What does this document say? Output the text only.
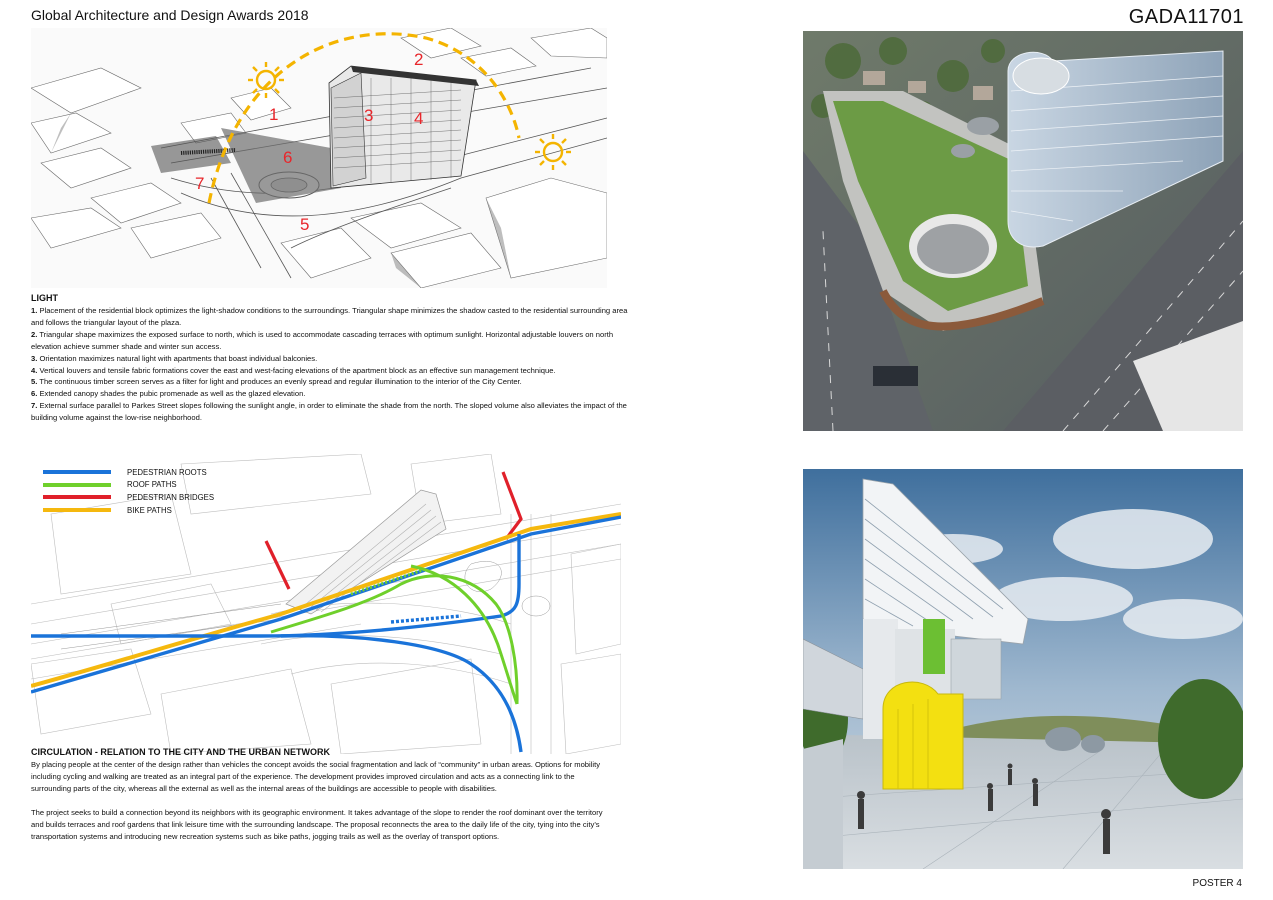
Global Architecture and Design Awards 2018	GADA11701
1
2
3 4
5
6
7
LIGHT
1. Placement of the residential block optimizes the light-shadow conditions to the surroundings. Triangular shape minimizes the shadow casted to the residential surrounding area and follows the triangular layout of the plaza.
2. Triangular shape maximizes the exposed surface to north, which is used to accommodate cascading terraces with optimum sunlight. Horizontal adjustable louvers on north elevation achieve summer shade and winter sun access.
3. Orientation maximizes natural light with apartments that boast individual balconies.
4. Vertical louvers and tensile fabric formations cover the east and west-facing elevations of the apartment block as an effective sun management technique.
5. The continuous timber screen serves as a filter for light and produces an evenly spread and regular illumination to the interior of the City Center.
6. Extended canopy shades the pubic promenade as well as the glazed elevation.
7. External surface parallel to Parkes Street slopes following the sunlight angle, in order to eliminate the shade from the north. The sloped volume also alleviates the impact of the building volume against the low-rise neighborhood.
PEDESTRIAN ROOTS
ROOF PATHS
PEDESTRIAN BRIDGES
BIKE PATHS
CIRCULATION - RELATION TO THE CITY AND THE URBAN NETWORK
By placing people at the center of the design rather than vehicles the concept avoids the social fragmentation and lack of “community” in urban areas. Options for mobility including cycling and walking are treated as an integral part of the experience. The development provides improved circulation and acts as a connecting link to the surrounding parts of the city, whereas all the external as well as the internal areas of the buildings are accessible to people with disabilities.
The project seeks to build a connection beyond its neighbors with its geographic environment. It takes advantage of the slope to render the roof dominant over the territory and builds terraces and roof gardens that link leisure time with the surrounding landscape. The proposal reconnects the area to the daily life of the city, tying into the city’s transportation systems and introducing new recreation systems such as bike paths, jogging trails as well as the overlay of transport options.
POSTER 4
